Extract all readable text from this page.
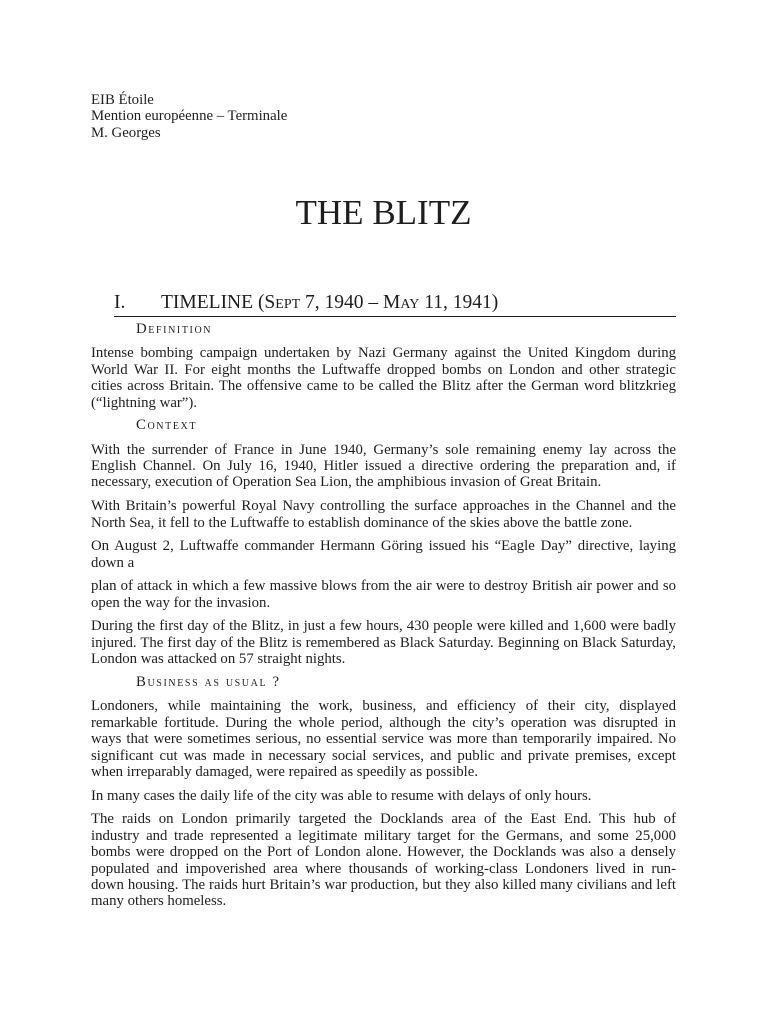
EIB Étoile
Mention européenne – Terminale
M. Georges
THE BLITZ
I. TIMELINE (Sept 7, 1940 – May 11, 1941)
Definition
Intense bombing campaign undertaken by Nazi Germany against the United Kingdom during
World War II. For eight months the Luftwaffe dropped bombs on London and other strategic
cities across Britain. The offensive came to be called the Blitz after the German word blitzkrieg
(“lightning war”).
Context
With the surrender of France in June 1940, Germany’s sole remaining enemy lay across the
English Channel. On July 16, 1940, Hitler issued a directive ordering the preparation and, if
necessary, execution of Operation Sea Lion, the amphibious invasion of Great Britain.
With Britain’s powerful Royal Navy controlling the surface approaches in the Channel and the
North Sea, it fell to the Luftwaffe to establish dominance of the skies above the battle zone.
On August 2, Luftwaffe commander Hermann Göring issued his “Eagle Day” directive, laying
down a
plan of attack in which a few massive blows from the air were to destroy British air power and so
open the way for the invasion.
During the first day of the Blitz, in just a few hours, 430 people were killed and 1,600 were badly
injured. The first day of the Blitz is remembered as Black Saturday. Beginning on Black Saturday,
London was attacked on 57 straight nights.
Business as usual ?
Londoners, while maintaining the work, business, and efficiency of their city, displayed
remarkable fortitude. During the whole period, although the city’s operation was disrupted in
ways that were sometimes serious, no essential service was more than temporarily impaired. No
significant cut was made in necessary social services, and public and private premises, except
when irreparably damaged, were repaired as speedily as possible.
In many cases the daily life of the city was able to resume with delays of only hours.
The raids on London primarily targeted the Docklands area of the East End. This hub of
industry and trade represented a legitimate military target for the Germans, and some 25,000
bombs were dropped on the Port of London alone. However, the Docklands was also a densely
populated and impoverished area where thousands of working-class Londoners lived in run-
down housing. The raids hurt Britain’s war production, but they also killed many civilians and left
many others homeless.
